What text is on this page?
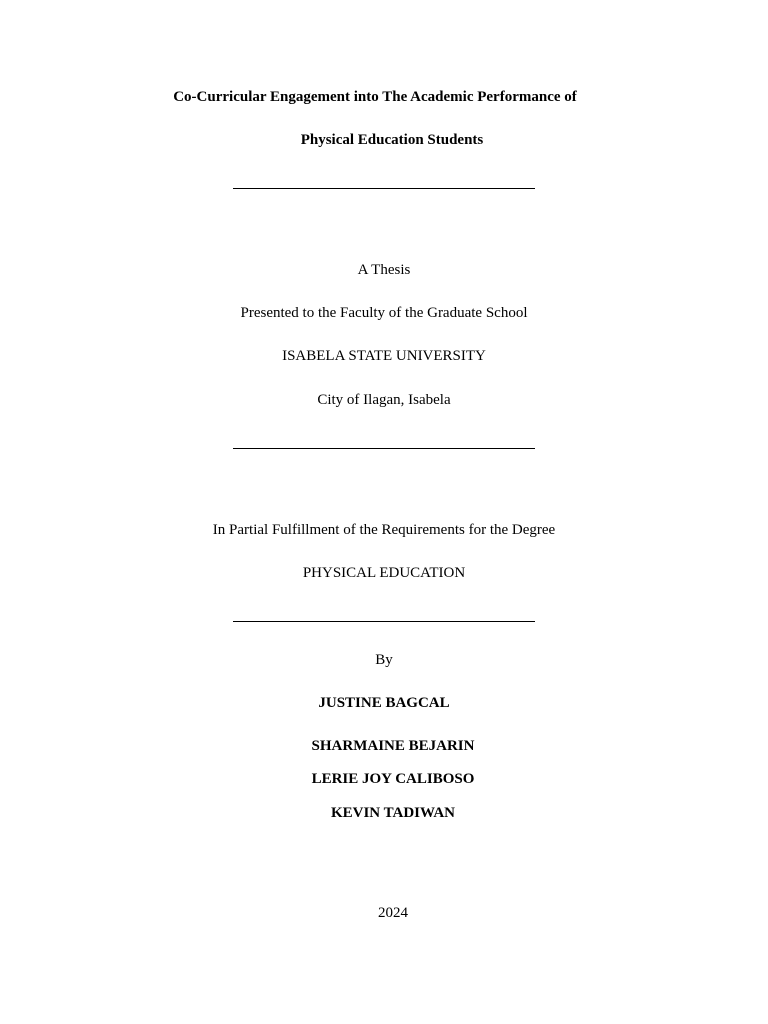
Co-Curricular Engagement into The Academic Performance of
Physical Education Students
A Thesis
Presented to the Faculty of the Graduate School
ISABELA STATE UNIVERSITY
City of Ilagan, Isabela
In Partial Fulfillment of the Requirements for the Degree
PHYSICAL EDUCATION
By
JUSTINE BAGCAL
SHARMAINE BEJARIN
LERIE JOY CALIBOSO
KEVIN TADIWAN
2024
